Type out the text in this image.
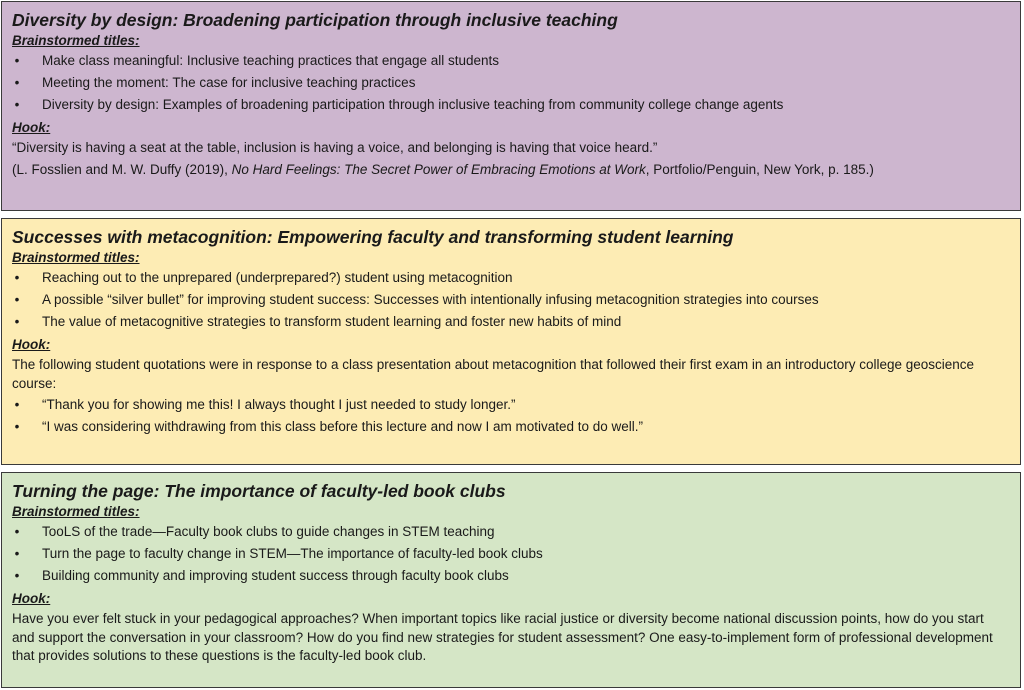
Diversity by design: Broadening participation through inclusive teaching

Brainstormed titles:

• Make class meaningful: Inclusive teaching practices that engage all students
• Meeting the moment: The case for inclusive teaching practices
• Diversity by design: Examples of broadening participation through inclusive teaching from community college change agents

Hook:

“Diversity is having a seat at the table, inclusion is having a voice, and belonging is having that voice heard.”

(L. Fosslien and M. W. Duffy (2019), No Hard Feelings: The Secret Power of Embracing Emotions at Work, Portfolio/Penguin, New York, p. 185.)

Successes with metacognition: Empowering faculty and transforming student learning

Brainstormed titles:

• Reaching out to the unprepared (underprepared?) student using metacognition
• A possible “silver bullet” for improving student success: Successes with intentionally infusing metacognition strategies into courses
• The value of metacognitive strategies to transform student learning and foster new habits of mind

Hook:

The following student quotations were in response to a class presentation about metacognition that followed their first exam in an introductory college geoscience course:

• “Thank you for showing me this! I always thought I just needed to study longer.”
• “I was considering withdrawing from this class before this lecture and now I am motivated to do well.”
Turning the page: The importance of faculty-led book clubs

Brainstormed titles:

• TooLS of the trade—Faculty book clubs to guide changes in STEM teaching
• Turn the page to faculty change in STEM—The importance of faculty-led book clubs
• Building community and improving student success through faculty book clubs

Hook:

Have you ever felt stuck in your pedagogical approaches? When important topics like racial justice or diversity become national discussion points, how do you start and support the conversation in your classroom? How do you find new strategies for student assessment? One easy-to-implement form of professional development that provides solutions to these questions is the faculty-led book club.
